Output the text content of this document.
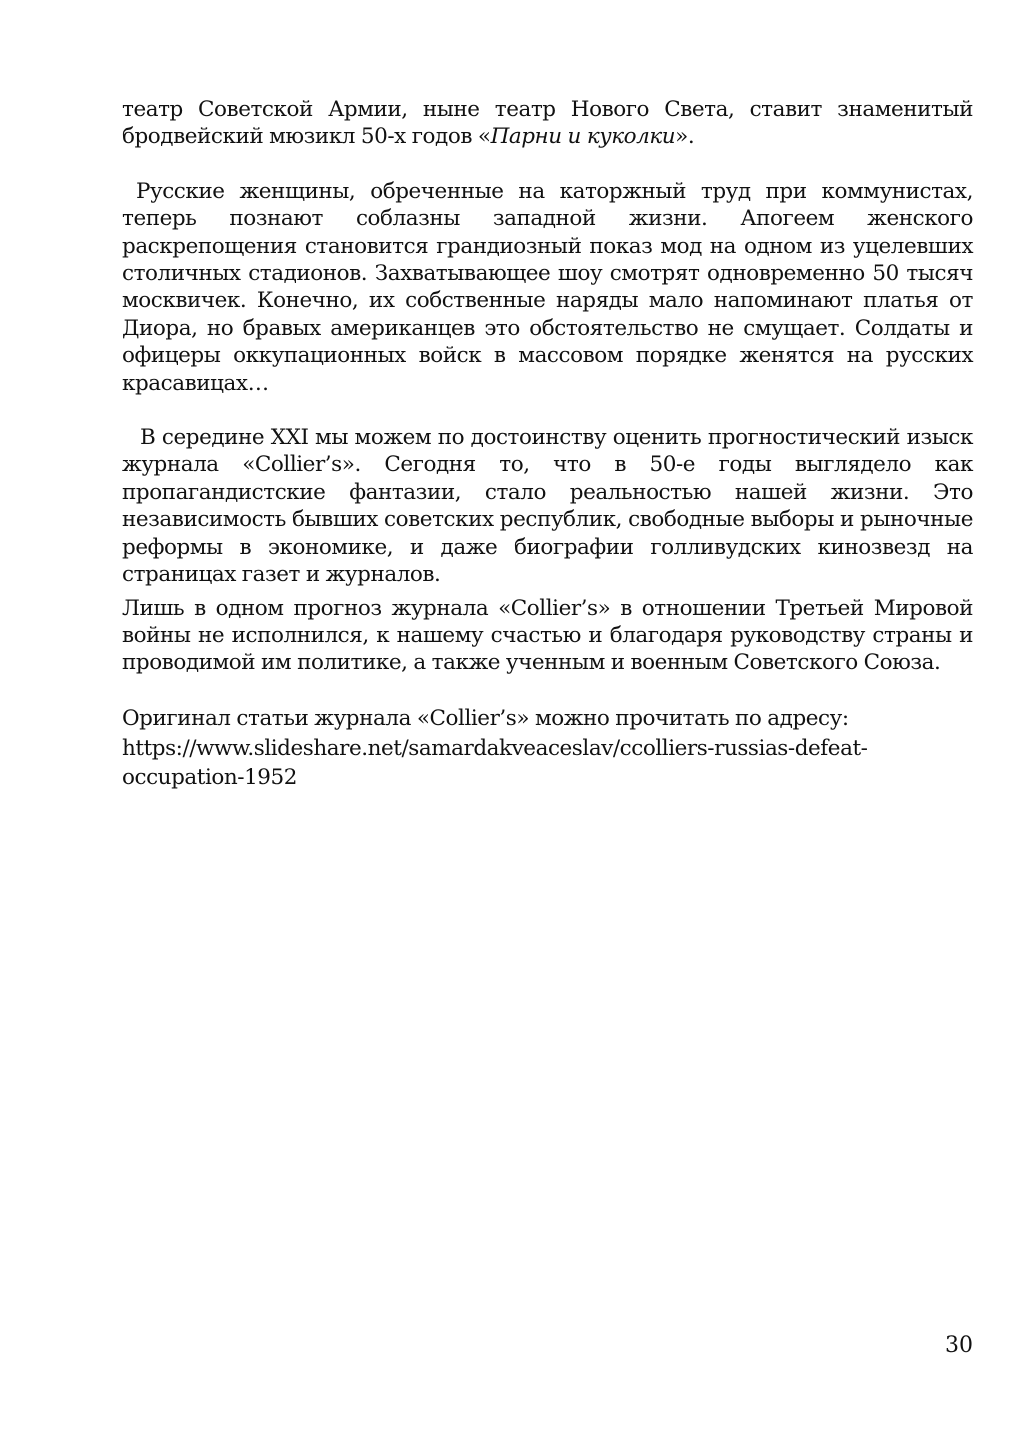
театр Советской Армии, ныне театр Нового Света, ставит знаменитый бродвейский мюзикл 50-х годов «Парни и куколки».

Русские женщины, обреченные на каторжный труд при коммунистах, теперь познают соблазны западной жизни. Апогеем женского раскрепощения становится грандиозный показ мод на одном из уцелевших столичных стадионов. Захватывающее шоу смотрят одновременно 50 тысяч москвичек. Конечно, их собственные наряды мало напоминают платья от Диора, но бравых американцев это обстоятельство не смущает. Солдаты и офицеры оккупационных войск в массовом порядке женятся на русских красавицах…

В середине XXI мы можем по достоинству оценить прогностический изыск журнала «Collier’s». Сегодня то, что в 50-е годы выглядело как пропагандистские фантазии, стало реальностью нашей жизни. Это независимость бывших советских республик, свободные выборы и рыночные реформы в экономике, и даже биографии голливудских кинозвезд на страницах газет и журналов.

Лишь в одном прогноз журнала «Collier’s» в отношении Третьей Мировой войны не исполнился, к нашему счастью и благодаря руководству страны и проводимой им политике, а также ученным и военным Советского Союза.

Оригинал статьи журнала «Collier’s» можно прочитать по адресу:

https://www.slideshare.net/samardakveaceslav/ccolliers-russias-defeat-

occupation-1952

30
